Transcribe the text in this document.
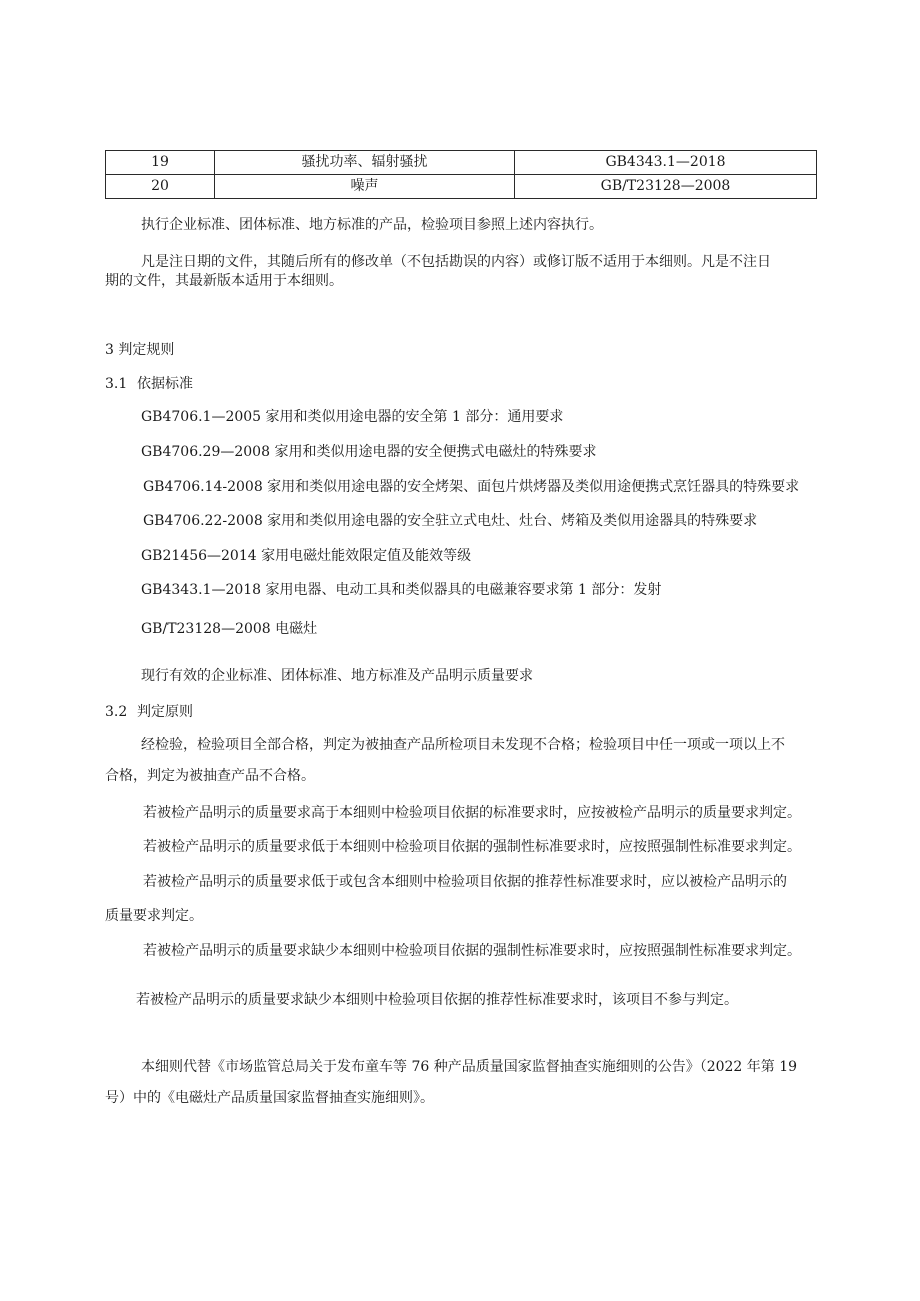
19	骚扰功率、辐射骚扰	GB4343.1—2018
20	噪声	GB/T23128—2008
执行企业标准、团体标准、地方标准的产品，检验项目参照上述内容执行。
凡是注日期的文件，其随后所有的修改单（不包括勘误的内容）或修订版不适用于本细则。凡是不注日
期的文件，其最新版本适用于本细则。
3 判定规则
3.1 依据标准
GB4706.1—2005 家用和类似用途电器的安全第 1 部分：通用要求
GB4706.29—2008 家用和类似用途电器的安全便携式电磁灶的特殊要求
GB4706.14-2008 家用和类似用途电器的安全烤架、面包片烘烤器及类似用途便携式烹饪器具的特殊要求
GB4706.22-2008 家用和类似用途电器的安全驻立式电灶、灶台、烤箱及类似用途器具的特殊要求
GB21456—2014 家用电磁灶能效限定值及能效等级
GB4343.1—2018 家用电器、电动工具和类似器具的电磁兼容要求第 1 部分：发射
GB/T23128—2008 电磁灶
现行有效的企业标准、团体标准、地方标准及产品明示质量要求
3.2 判定原则
经检验，检验项目全部合格，判定为被抽查产品所检项目未发现不合格；检验项目中任一项或一项以上不
合格，判定为被抽查产品不合格。
若被检产品明示的质量要求高于本细则中检验项目依据的标准要求时，应按被检产品明示的质量要求判定。
若被检产品明示的质量要求低于本细则中检验项目依据的强制性标准要求时，应按照强制性标准要求判定。
若被检产品明示的质量要求低于或包含本细则中检验项目依据的推荐性标准要求时，应以被检产品明示的
质量要求判定。
若被检产品明示的质量要求缺少本细则中检验项目依据的强制性标准要求时，应按照强制性标准要求判定。
若被检产品明示的质量要求缺少本细则中检验项目依据的推荐性标准要求时，该项目不参与判定。
本细则代替《市场监管总局关于发布童车等 76 种产品质量国家监督抽查实施细则的公告》（2022 年第 19
号）中的《电磁灶产品质量国家监督抽查实施细则》。
